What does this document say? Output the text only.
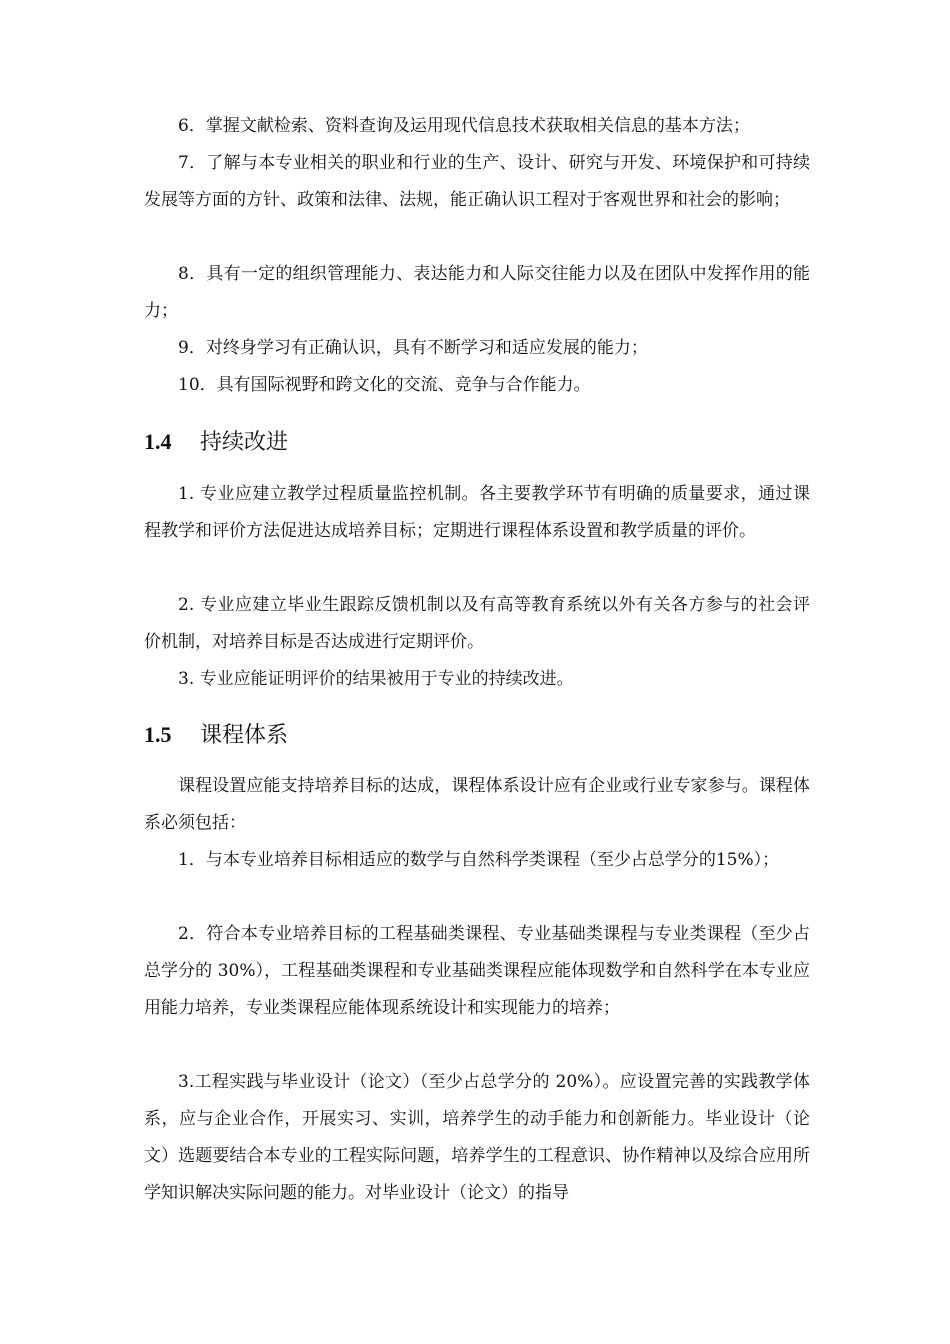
6．掌握文献检索、资料查询及运用现代信息技术获取相关信息的基本方法；

7．了解与本专业相关的职业和行业的生产、设计、研究与开发、环境保护和可持续发展等方面的方针、政策和法律、法规，能正确认识工程对于客观世界和社会的影响；

8．具有一定的组织管理能力、表达能力和人际交往能力以及在团队中发挥作用的能力；

9．对终身学习有正确认识，具有不断学习和适应发展的能力；

10．具有国际视野和跨文化的交流、竞争与合作能力。

1.4 持续改进

1. 专业应建立教学过程质量监控机制。各主要教学环节有明确的质量要求，通过课程教学和评价方法促进达成培养目标；定期进行课程体系设置和教学质量的评价。

2. 专业应建立毕业生跟踪反馈机制以及有高等教育系统以外有关各方参与的社会评价机制，对培养目标是否达成进行定期评价。

3. 专业应能证明评价的结果被用于专业的持续改进。

1.5 课程体系

课程设置应能支持培养目标的达成，课程体系设计应有企业或行业专家参与。课程体系必须包括：

1．与本专业培养目标相适应的数学与自然科学类课程（至少占总学分的15%）；

2．符合本专业培养目标的工程基础类课程、专业基础类课程与专业类课程（至少占总学分的 30%），工程基础类课程和专业基础类课程应能体现数学和自然科学在本专业应用能力培养，专业类课程应能体现系统设计和实现能力的培养；

3.工程实践与毕业设计（论文）（至少占总学分的 20%）。应设置完善的实践教学体系，应与企业合作，开展实习、实训，培养学生的动手能力和创新能力。毕业设计（论文）选题要结合本专业的工程实际问题，培养学生的工程意识、协作精神以及综合应用所学知识解决实际问题的能力。对毕业设计（论文）的指导
